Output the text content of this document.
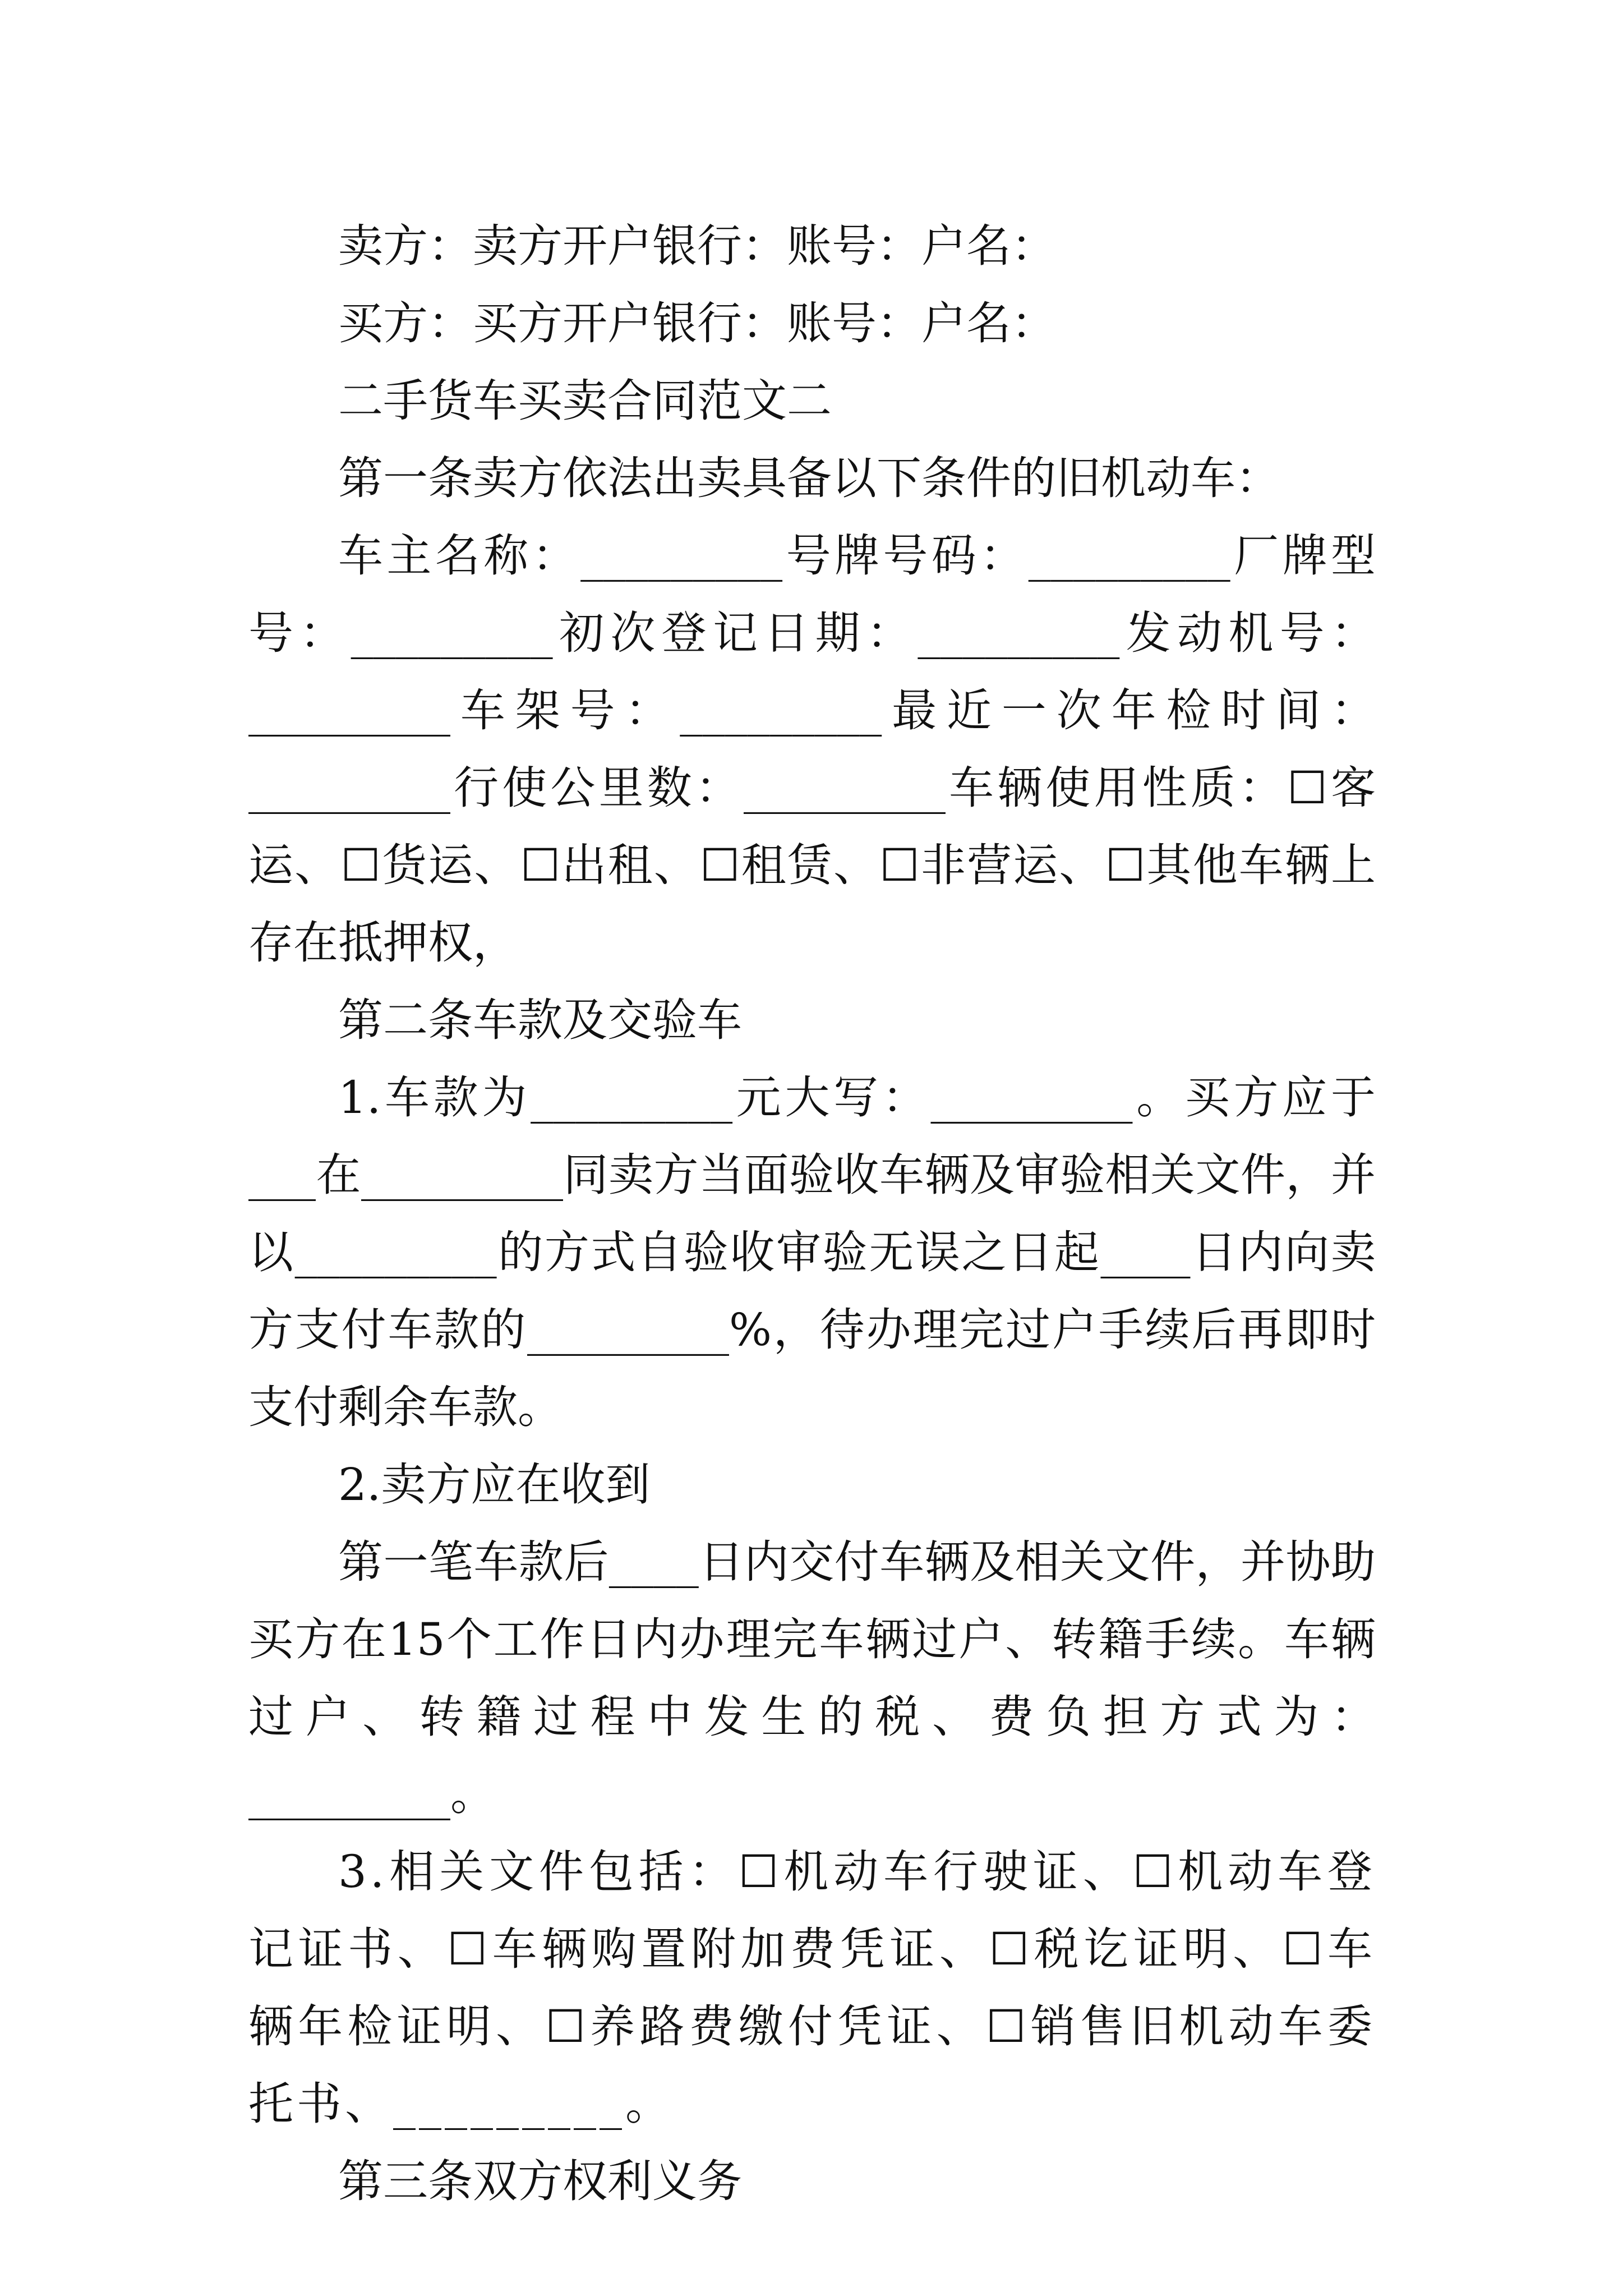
卖方：卖方开户银行：账号：户名：

买方：买方开户银行：账号：户名：

二手货车买卖合同范文二

第一条卖方依法出卖具备以下条件的旧机动车：

车主名称：_________号牌号码：_________厂牌型号：_________初次登记日期：_________发动机号：_________车架号：_________最近一次年检时间：_________行使公里数：_________车辆使用性质：☐客运、☐货运、☐出租、☐租赁、☐非营运、☐其他车辆上存在抵押权，

第二条车款及交验车

1.车款为_________元大写：_________。买方应于___在_________同卖方当面验收车辆及审验相关文件，并以_________的方式自验收审验无误之日起____日内向卖方支付车款的_________%，待办理完过户手续后再即时支付剩余车款。

2.卖方应在收到

第一笔车款后____日内交付车辆及相关文件，并协助买方在15个工作日内办理完车辆过户、转籍手续。车辆过户、转籍过程中发生的税、费负担方式为：_________。

3.相关文件包括：☐机动车行驶证、☐机动车登记证书、☐车辆购置附加费凭证、☐税讫证明、☐车辆年检证明、☐养路费缴付凭证、☐销售旧机动车委托书、_________。

第三条双方权利义务
